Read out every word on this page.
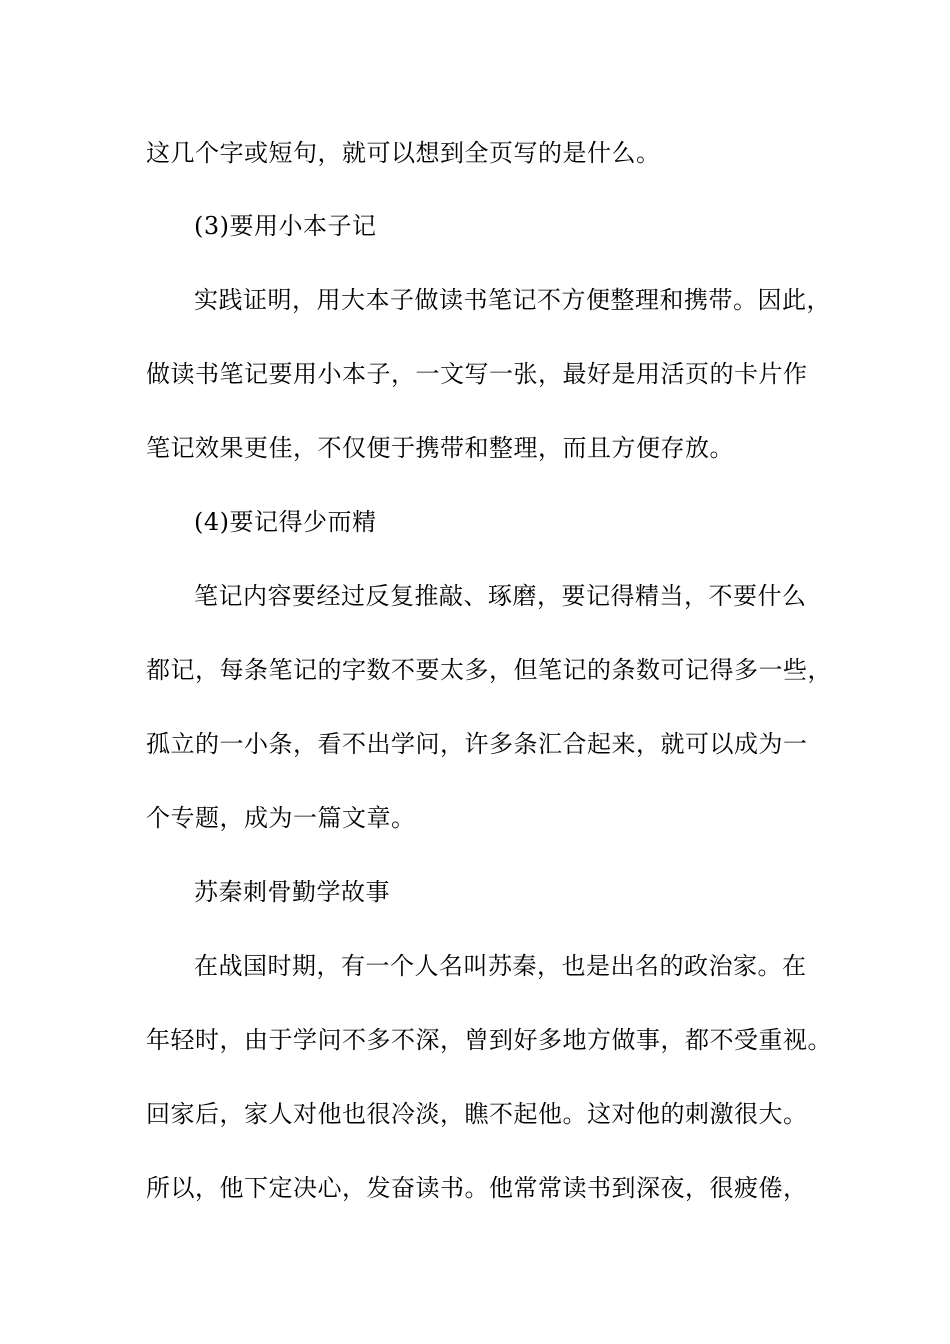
这几个字或短句，就可以想到全页写的是什么。
(3)要用小本子记
实践证明，用大本子做读书笔记不方便整理和携带。因此，
做读书笔记要用小本子，一文写一张，最好是用活页的卡片作
笔记效果更佳，不仅便于携带和整理，而且方便存放。
(4)要记得少而精
笔记内容要经过反复推敲、琢磨，要记得精当，不要什么
都记，每条笔记的字数不要太多，但笔记的条数可记得多一些，
孤立的一小条，看不出学问，许多条汇合起来，就可以成为一
个专题，成为一篇文章。
苏秦刺骨勤学故事
在战国时期，有一个人名叫苏秦，也是出名的政治家。在
年轻时，由于学问不多不深，曾到好多地方做事，都不受重视。
回家后，家人对他也很冷淡，瞧不起他。这对他的刺激很大。
所以，他下定决心，发奋读书。他常常读书到深夜，很疲倦，
